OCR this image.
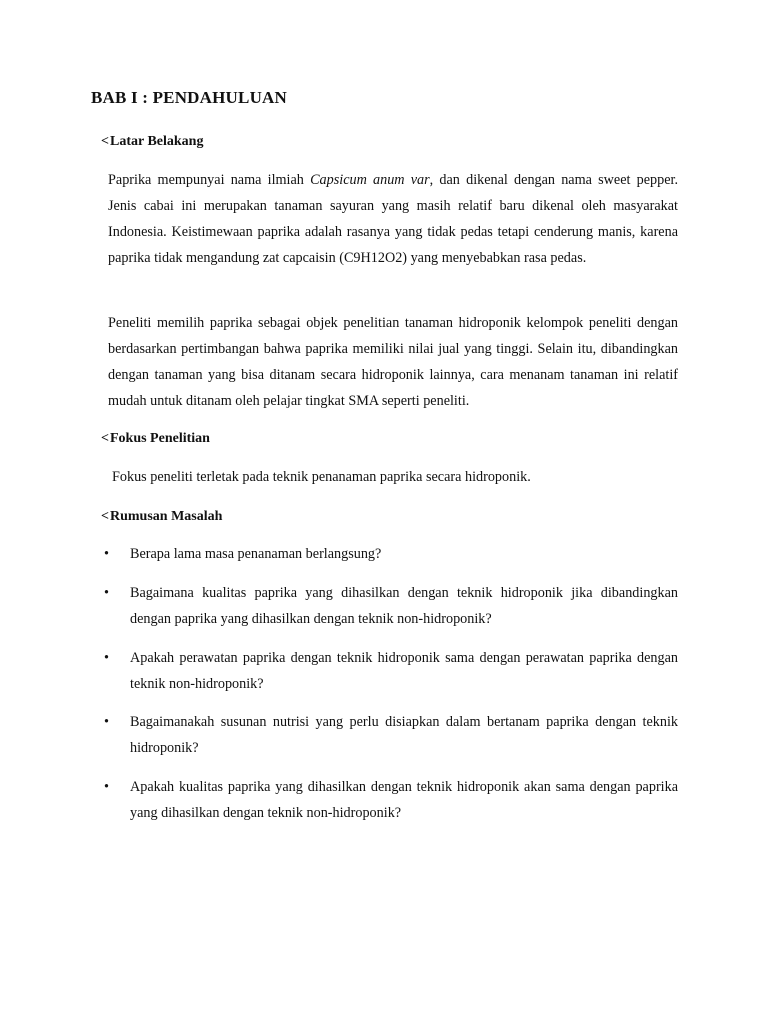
BAB I : PENDAHULUAN
<Latar Belakang

Paprika mempunyai nama ilmiah Capsicum anum var, dan dikenal dengan nama sweet pepper. Jenis cabai ini merupakan tanaman sayuran yang masih relatif baru dikenal oleh masyarakat Indonesia. Keistimewaan paprika adalah rasanya yang tidak pedas tetapi cenderung manis, karena paprika tidak mengandung zat capcaisin (C9H12O2) yang menyebabkan rasa pedas.

Peneliti memilih paprika sebagai objek penelitian tanaman hidroponik kelompok peneliti dengan berdasarkan pertimbangan bahwa paprika memiliki nilai jual yang tinggi. Selain itu, dibandingkan dengan tanaman yang bisa ditanam secara hidroponik lainnya, cara menanam tanaman ini relatif mudah untuk ditanam oleh pelajar tingkat SMA seperti peneliti.

<Fokus Penelitian

Fokus peneliti terletak pada teknik penanaman paprika secara hidroponik.

<Rumusan Masalah
•	Berapa lama masa penanaman berlangsung?
•	Bagaimana kualitas paprika yang dihasilkan dengan teknik hidroponik jika dibandingkan dengan paprika yang dihasilkan dengan teknik non-hidroponik?
•	Apakah perawatan paprika dengan teknik hidroponik sama dengan perawatan paprika dengan teknik non-hidroponik?
•	Bagaimanakah susunan nutrisi yang perlu disiapkan dalam bertanam paprika dengan teknik hidroponik?
•	Apakah kualitas paprika yang dihasilkan dengan teknik hidroponik akan sama dengan paprika yang dihasilkan dengan teknik non-hidroponik?
